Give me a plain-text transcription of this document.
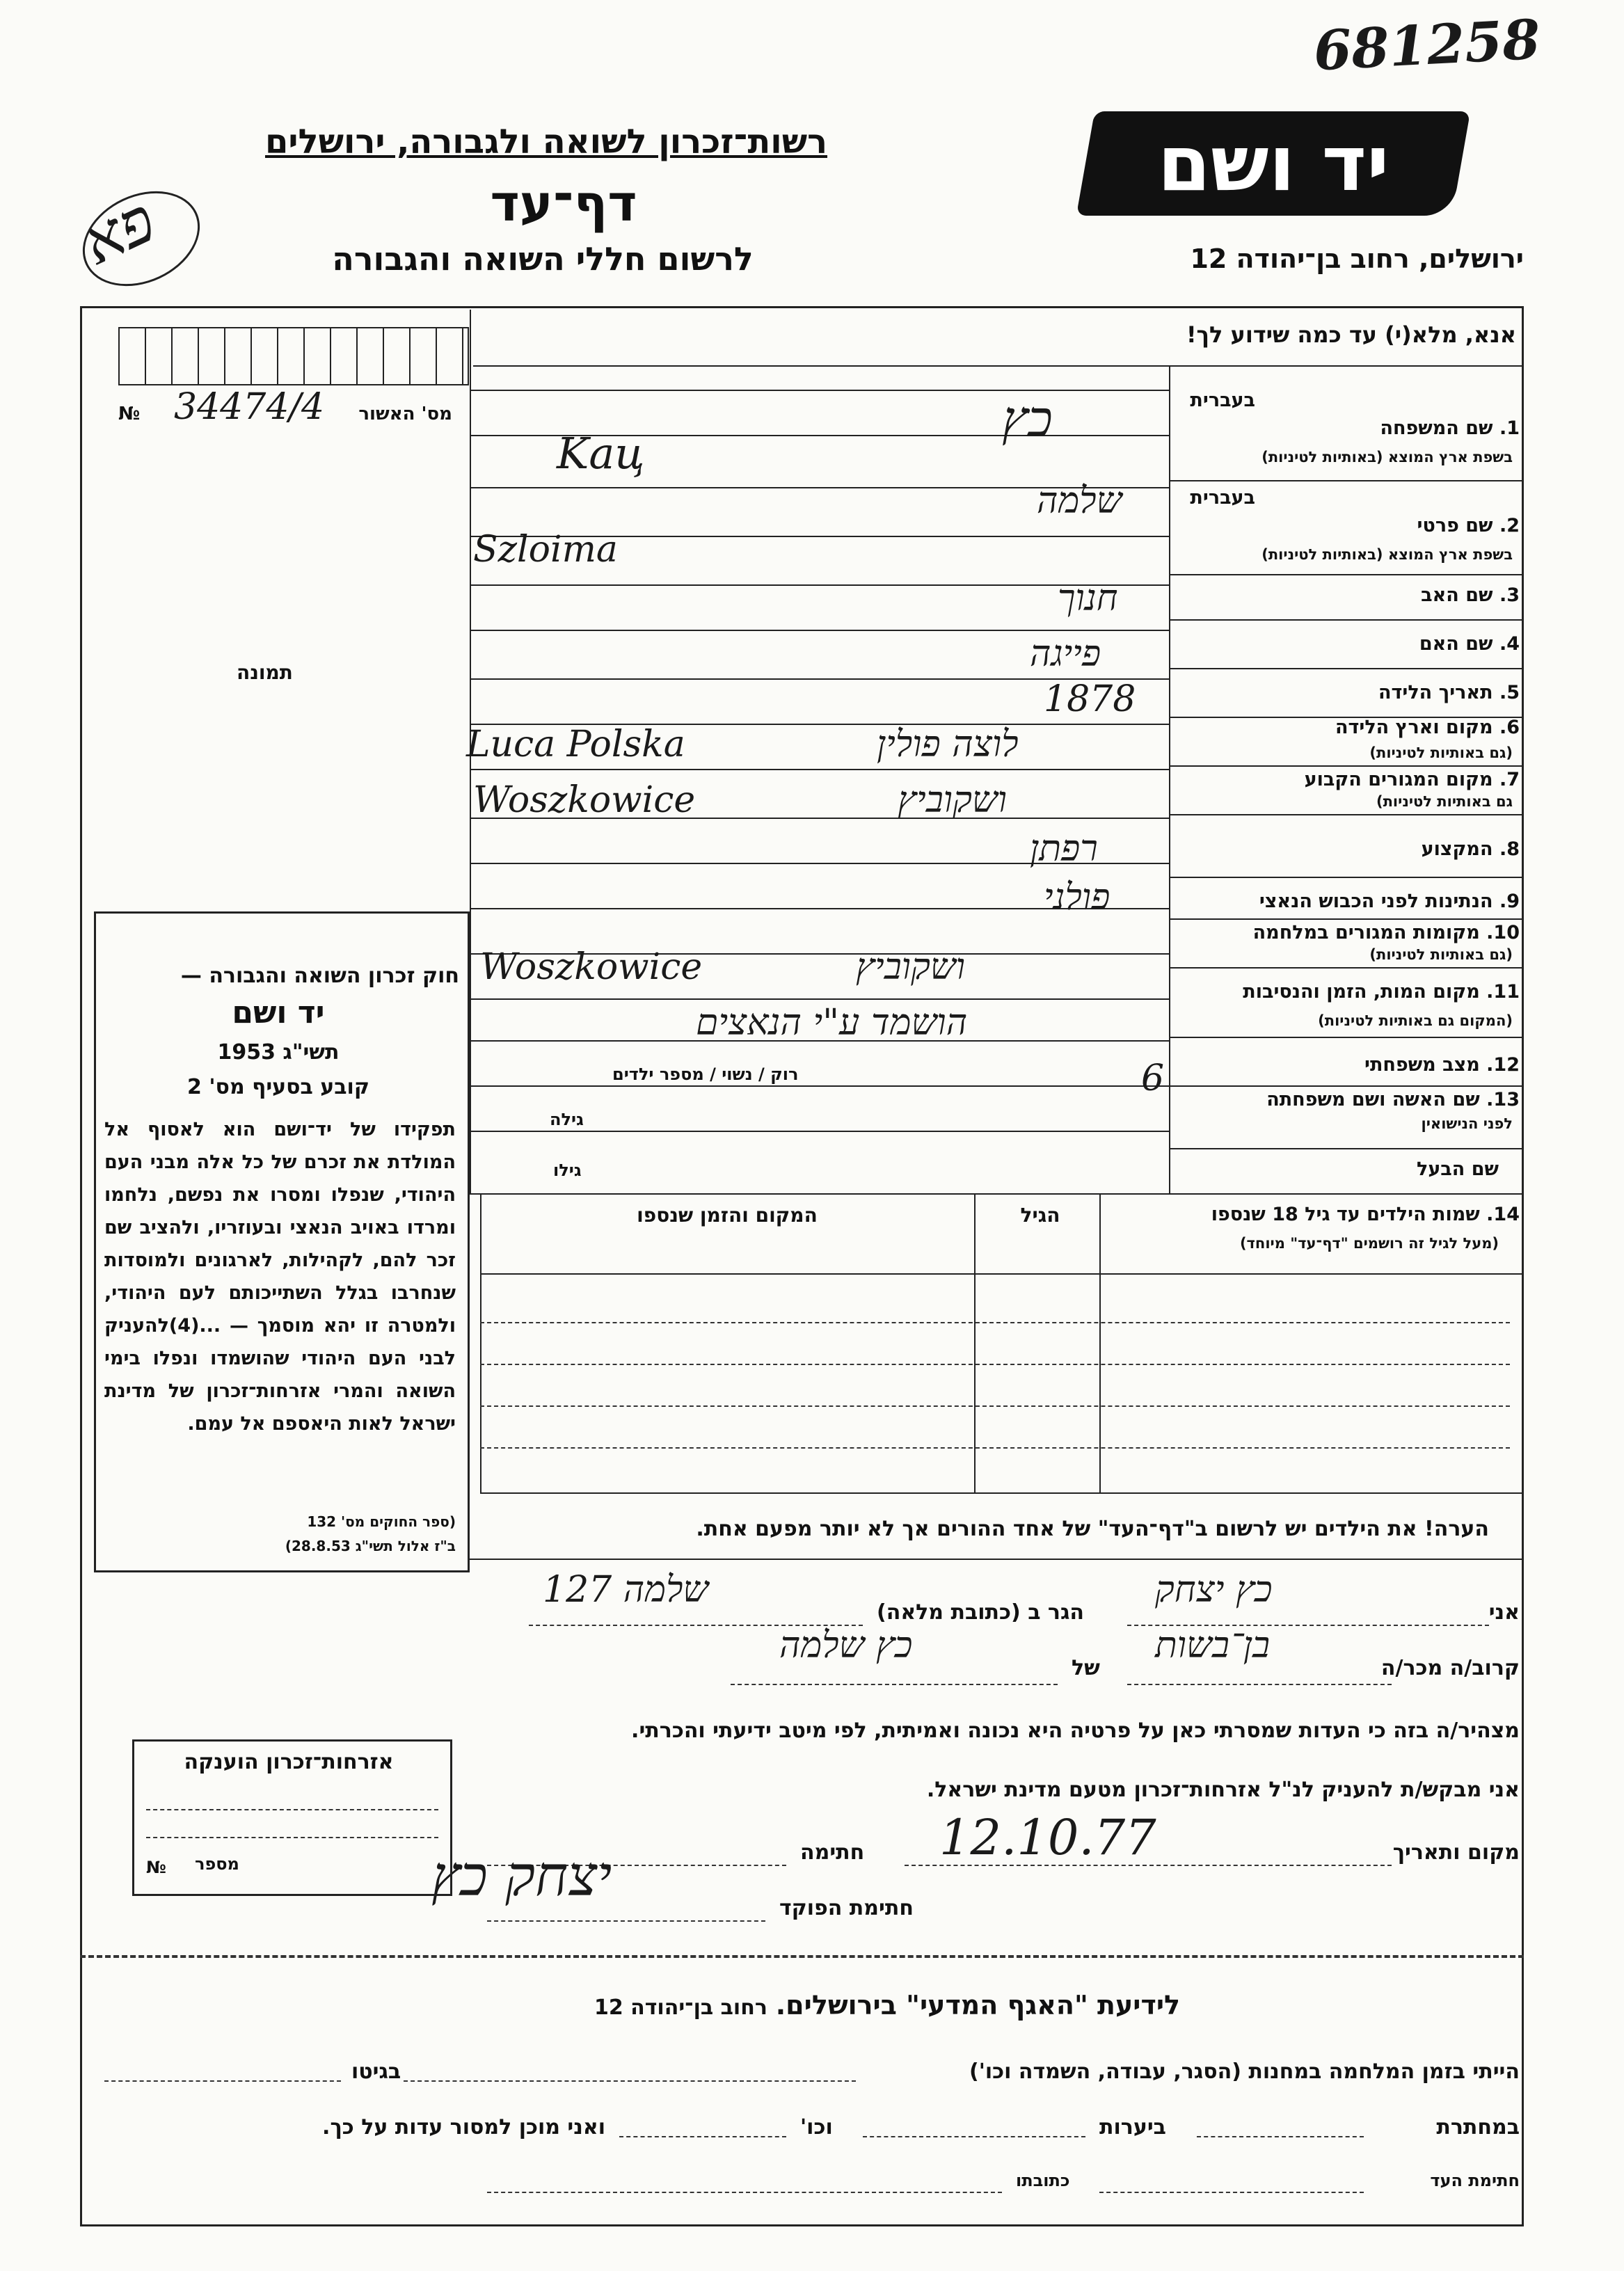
681258
יד ושם
רשות־זכרון לשואה ולגבורה, ירושלים
דף־עד
לרשום חללי השואה והגבורה	ירושלים, רחוב בן־יהודה 12
פא
אנא, מלא(י) עד כמה שידוע לך!
מס' האשור
№ 34474/4
תמונה
חוק זכרון השואה והגבורה —
יד ושם
תשי"ג 1953
קובע בסעיף מס' 2
תפקידו של יד־ושם הוא לאסוף אל המולדת את זכרם של כל אלה מבני העם היהודי, שנפלו ומסרו את נפשם, נלחמו ומרדו באויב הנאצי ובעוזריו, ולהציב שם זכר להם, לקהילות, לארגונים ולמוסדות שנחרבו בגלל השתייכותם לעם היהודי, ולמטרה זו יהא מוסמך — ...(4)להעניק לבני העם היהודי שהושמדו ונפלו בימי השואה והמרי אזרחות־זכרון של מדינת ישראל לאות היאספם אל עמם.
(ספר החוקים מס' 132
ב"ז אלול תשי"ג 28.8.53)
בעברית
1. שם המשפחה
בשפת ארץ המוצא (באותיות לטיניות)
בעברית
2. שם פרטי
בשפת ארץ המוצא (באותיות לטיניות)
3. שם האב
4. שם האם
5. תאריך הלידה
6. מקום וארץ הלידה
(גם באותיות לטיניות)
7. מקום המגורים הקבוע
גם באותיות לטיניות)
8. המקצוע
9. הנתינות לפני הכבוש הנאצי
10. מקומות המגורים במלחמה
(גם באותיות לטיניות)
11. מקום המות, הזמן והנסיבות
(המקום גם באותיות לטיניות)
12. מצב משפחתי
13. שם האשה ושם משפחתה
לפני הנישואין
שם הבעל
רוק / נשוי / מספר ילדים
גילה
גילו
כץ
Kaц
שלמה
Szloima
חנוך
פייגה
1878
לוצה פולין
Luca Polska
ושקוביץ
Woszkowice
רפתן
פולני
ושקוביץ
Woszkowice
הושמד ע"י הנאצים
6
14. שמות הילדים עד גיל 18 שנספו
(מעל לגיל זה רושמים "דף־עד" מיוחד)
הגיל
המקום והזמן שנספו
הערה! את הילדים יש לרשום ב"דף־העד" של אחד ההורים אך לא יותר מפעם אחת.
אני
כץ יצחק
הגר ב (כתובת מלאה)
שלמה 127
קרוב/ה מכר/ה
בן־בשות
של
כץ שלמה
מצהיר/ה בזה כי העדות שמסרתי כאן על פרטיה היא נכונה ואמיתית, לפי מיטב ידיעתי והכרתי.
אני מבקש/ת להעניק לנ"ל אזרחות־זכרון מטעם מדינת ישראל.
מקום ותאריך
12.10.77
חתימה
חתימת הפוקד
יצחק כץ
אזרחות־זכרון הוענקה
מספר
№
לידיעת "האגף המדעי" בירושלים. רחוב בן־יהודה 12
הייתי בזמן המלחמה במחנות (הסגר, עבודה, השמדה וכו')
בגיטו
במחתרת
ביערות
וכו'
ואני מוכן למסור עדות על כך.
חתימת העד
כתובתו
